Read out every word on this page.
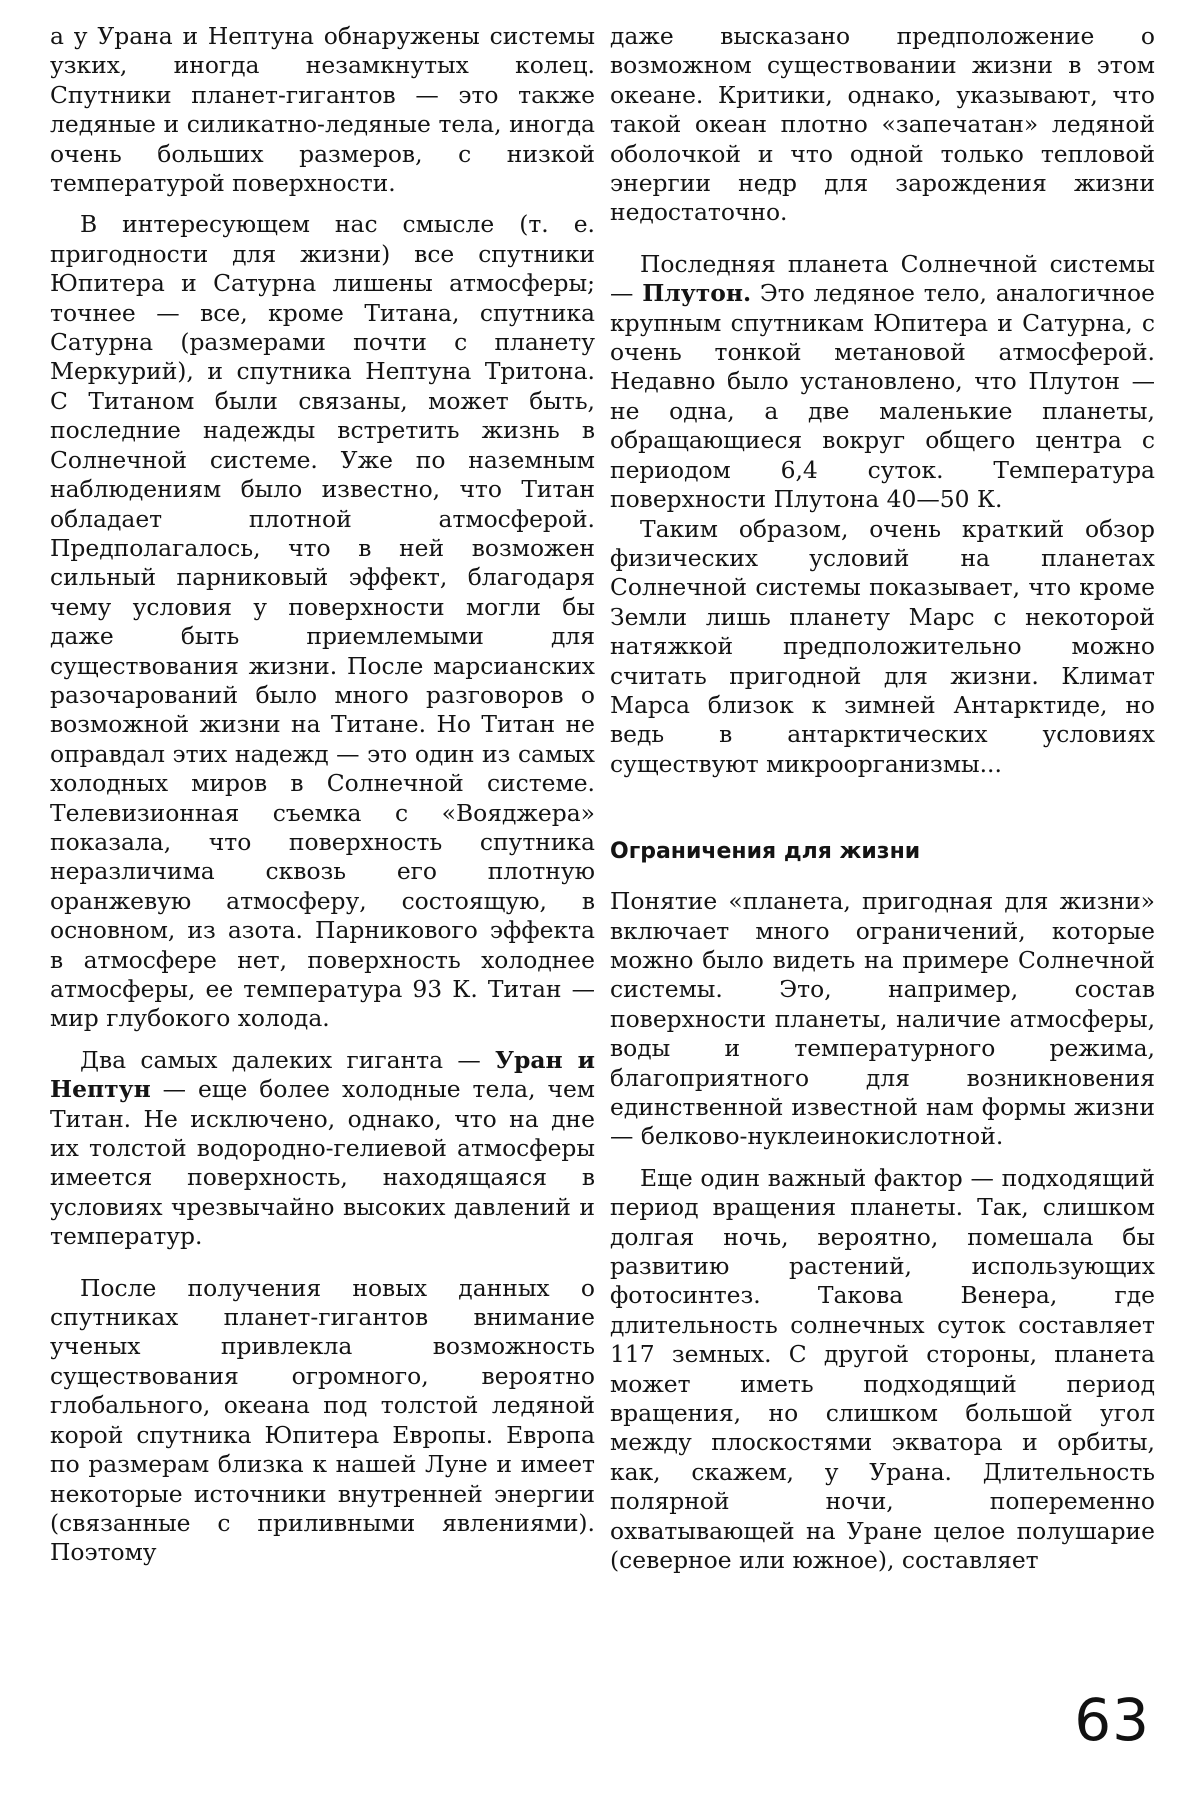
а у Урана и Нептуна обнаружены системы узких, иногда незамкнутых колец. Спутники планет-гигантов — это также ледяные и силикатно-ледяные тела, иногда очень больших размеров, с низкой температурой поверхности.

В интересующем нас смысле (т. е. пригодности для жизни) все спутники Юпитера и Сатурна лишены атмосферы; точнее — все, кроме Титана, спутника Сатурна (размерами почти с планету Меркурий), и спутника Нептуна Тритона. С Титаном были связаны, может быть, последние надежды встретить жизнь в Солнечной системе. Уже по наземным наблюдениям было известно, что Титан обладает плотной атмосферой. Предполагалось, что в ней возможен сильный парниковый эффект, благодаря чему условия у поверхности могли бы даже быть приемлемыми для существования жизни. После марсианских разочарований было много разговоров о возможной жизни на Титане. Но Титан не оправдал этих надежд — это один из самых холодных миров в Солнечной системе. Телевизионная съемка с «Вояджера» показала, что поверхность спутника неразличима сквозь его плотную оранжевую атмосферу, состоящую, в основном, из азота. Парникового эффекта в атмосфере нет, поверхность холоднее атмосферы, ее температура 93 К. Титан — мир глубокого холода.

Два самых далеких гиганта — Уран и Нептун — еще более холодные тела, чем Титан. Не исключено, однако, что на дне их толстой водородно-гелиевой атмосферы имеется поверхность, находящаяся в условиях чрезвычайно высоких давлений и температур.

После получения новых данных о спутниках планет-гигантов внимание ученых привлекла возможность существования огромного, вероятно глобального, океана под толстой ледяной корой спутника Юпитера Европы. Европа по размерам близка к нашей Луне и имеет некоторые источники внутренней энергии (связанные с приливными явлениями). Поэтому

даже высказано предположение о возможном существовании жизни в этом океане. Критики, однако, указывают, что такой океан плотно «запечатан» ледяной оболочкой и что одной только тепловой энергии недр для зарождения жизни недостаточно.

Последняя планета Солнечной системы — Плутон. Это ледяное тело, аналогичное крупным спутникам Юпитера и Сатурна, с очень тонкой метановой атмосферой. Недавно было установлено, что Плутон — не одна, а две маленькие планеты, обращающиеся вокруг общего центра с периодом 6,4 суток. Температура поверхности Плутона 40—50 К.

Таким образом, очень краткий обзор физических условий на планетах Солнечной системы показывает, что кроме Земли лишь планету Марс с некоторой натяжкой предположительно можно считать пригодной для жизни. Климат Марса близок к зимней Антарктиде, но ведь в антарктических условиях существуют микроорганизмы...

Ограничения для жизни

Понятие «планета, пригодная для жизни» включает много ограничений, которые можно было видеть на примере Солнечной системы. Это, например, состав поверхности планеты, наличие атмосферы, воды и температурного режима, благоприятного для возникновения единственной известной нам формы жизни — белково-нуклеинокислотной.

Еще один важный фактор — подходящий период вращения планеты. Так, слишком долгая ночь, вероятно, помешала бы развитию растений, использующих фотосинтез. Такова Венера, где длительность солнечных суток составляет 117 земных. С другой стороны, планета может иметь подходящий период вращения, но слишком большой угол между плоскостями экватора и орбиты, как, скажем, у Урана. Длительность полярной ночи, попеременно охватывающей на Уране целое полушарие (северное или южное), составляет

63
